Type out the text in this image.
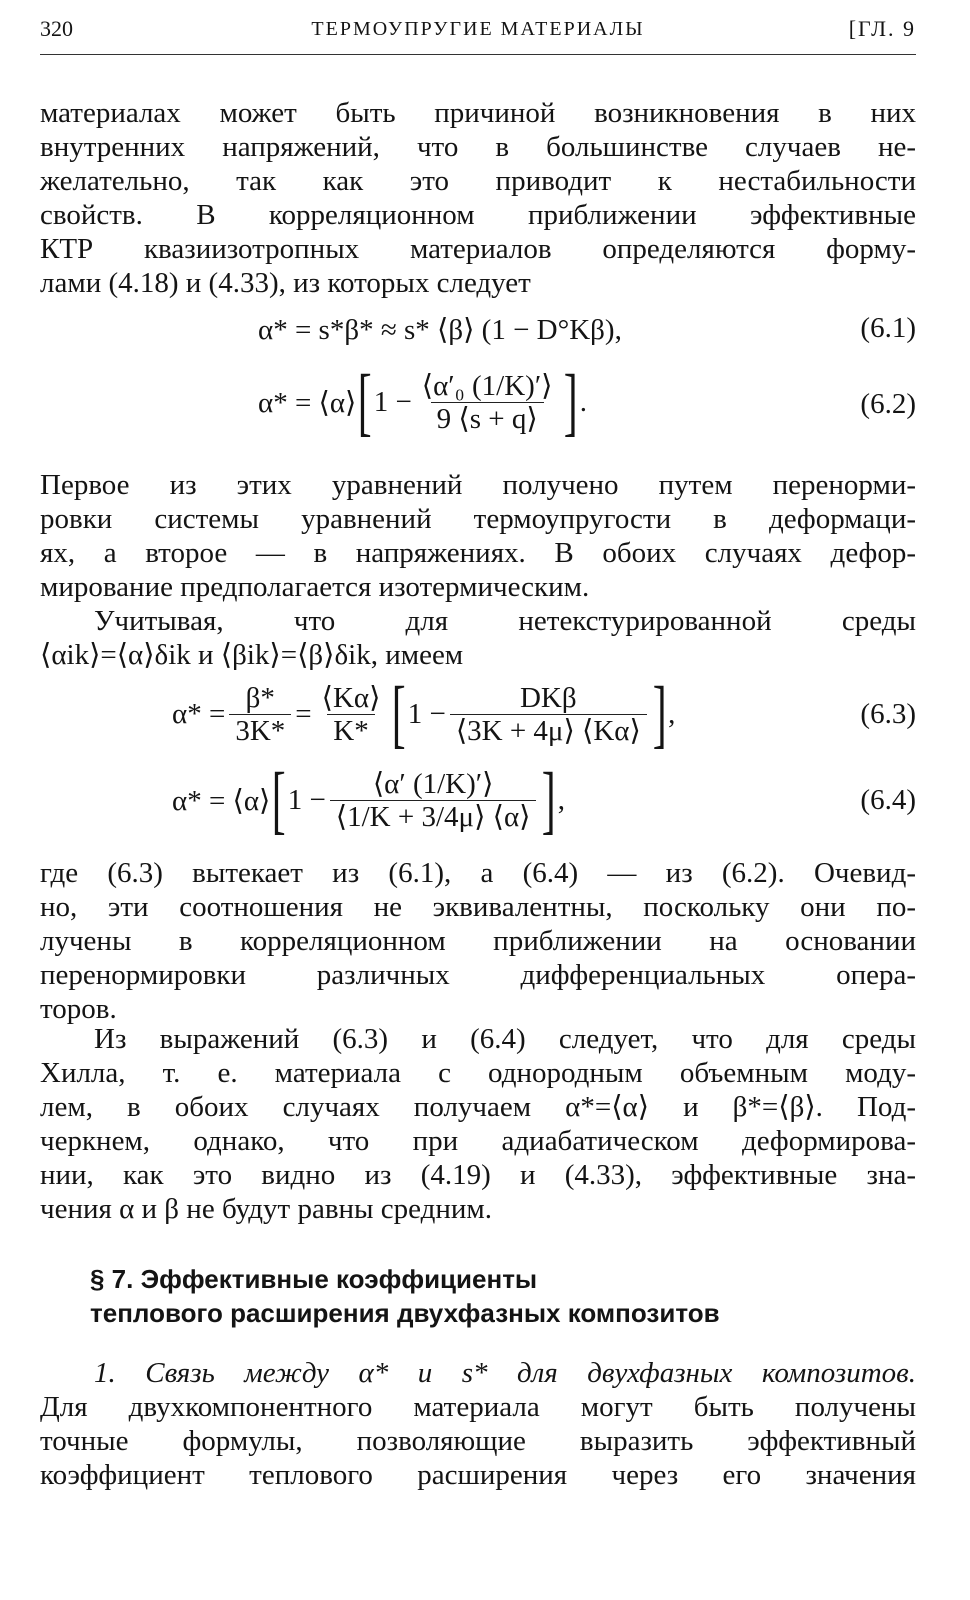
320	ТЕРМОУПРУГИЕ МАТЕРИАЛЫ	[ГЛ. 9
материалах может быть причиной возникновения в них
внутренних напряжений, что в большинстве случаев не-
желательно, так как это приводит к нестабильности
свойств. В корреляционном приближении эффективные
КТР квазиизотропных материалов определяются форму-
лами (4.18) и (4.33), из которых следует
α* = s*β* ≈ s* ⟨β⟩ (1 − D°Kβ),	(6.1)
α* = ⟨α⟩ [ $1 - \frac{\text{⟨α′₀ (1/K)′⟩}}{9 ⟨s + q⟩}$ ] .	(6.2)
Первое из этих уравнений получено путем перенорми-
ровки системы уравнений термоупругости в деформаци-
ях, а второе — в напряжениях. В обоих случаях дефор-
мирование предполагается изотермическим.
Учитывая, что для нетекстурированной среды
⟨αik⟩=⟨α⟩δik и ⟨βik⟩=⟨β⟩δik, имеем
$\alpha* = \frac{\beta*}{3K*} = \frac{⟨K\alpha⟩}{K*}$ [ $1 - \frac{\text{DKβ}}{⟨3K + 4\mu⟩ ⟨K\alpha⟩}$ ] ,	(6.3)
α* = ⟨α⟩ [ $1 - \frac{⟨\alpha' (1/K)'⟩}{⟨1/K + 3/4\mu⟩ ⟨\alpha⟩}$ ] ,	(6.4)
где (6.3) вытекает из (6.1), а (6.4) — из (6.2). Очевид-
но, эти соотношения не эквивалентны, поскольку они по-
лучены в корреляционном приближении на основании
перенормировки различных дифференциальных опера-
торов.
Из выражений (6.3) и (6.4) следует, что для среды
Хилла, т. е. материала с однородным объемным моду-
лем, в обоих случаях получаем α*=⟨α⟩ и β*=⟨β⟩. Под-
черкнем, однако, что при адиабатическом деформирова-
нии, как это видно из (4.19) и (4.33), эффективные зна-
чения α и β не будут равны средним.
§ 7. Эффективные коэффициенты
теплового расширения двухфазных композитов
1. Связь между α* и s* для двухфазных композитов.
Для двухкомпонентного материала могут быть получены
точные формулы, позволяющие выразить эффективный
коэффициент теплового расширения через его значения
